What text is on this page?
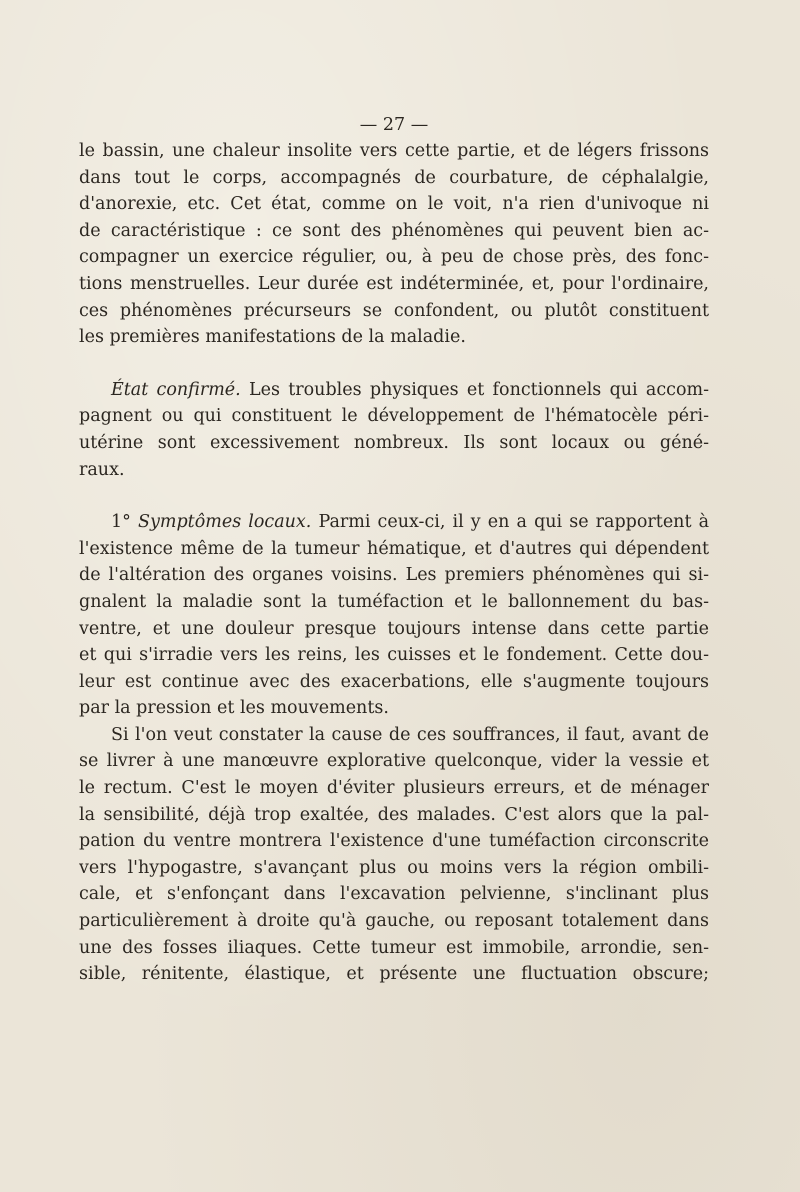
— 27 —
le bassin, une chaleur insolite vers cette partie, et de légers frissons
dans tout le corps, accompagnés de courbature, de céphalalgie,
d'anorexie, etc. Cet état, comme on le voit, n'a rien d'univoque ni
de caractéristique : ce sont des phénomènes qui peuvent bien ac-
compagner un exercice régulier, ou, à peu de chose près, des fonc-
tions menstruelles. Leur durée est indéterminée, et, pour l'ordinaire,
ces phénomènes précurseurs se confondent, ou plutôt constituent
les premières manifestations de la maladie.
État confirmé. Les troubles physiques et fonctionnels qui accom-
pagnent ou qui constituent le développement de l'hématocèle péri-
utérine sont excessivement nombreux. Ils sont locaux ou géné-
raux.
1° Symptômes locaux. Parmi ceux-ci, il y en a qui se rapportent à
l'existence même de la tumeur hématique, et d'autres qui dépendent
de l'altération des organes voisins. Les premiers phénomènes qui si-
gnalent la maladie sont la tuméfaction et le ballonnement du bas-
ventre, et une douleur presque toujours intense dans cette partie
et qui s'irradie vers les reins, les cuisses et le fondement. Cette dou-
leur est continue avec des exacerbations, elle s'augmente toujours
par la pression et les mouvements.
Si l'on veut constater la cause de ces souffrances, il faut, avant de
se livrer à une manœuvre explorative quelconque, vider la vessie et
le rectum. C'est le moyen d'éviter plusieurs erreurs, et de ménager
la sensibilité, déjà trop exaltée, des malades. C'est alors que la pal-
pation du ventre montrera l'existence d'une tuméfaction circonscrite
vers l'hypogastre, s'avançant plus ou moins vers la région ombili-
cale, et s'enfonçant dans l'excavation pelvienne, s'inclinant plus
particulièrement à droite qu'à gauche, ou reposant totalement dans
une des fosses iliaques. Cette tumeur est immobile, arrondie, sen-
sible, rénitente, élastique, et présente une fluctuation obscure;
